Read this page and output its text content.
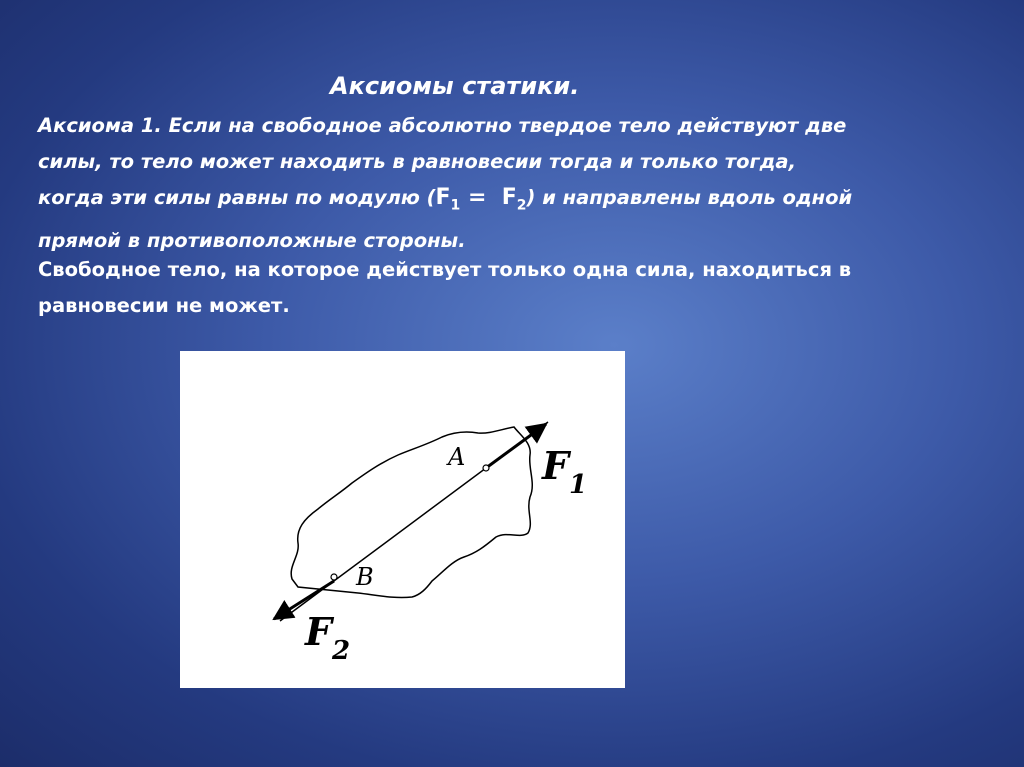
Аксиомы статики.
Аксиома 1. Если на свободное абсолютно твердое тело действуют две
силы, то тело может находить в равновесии тогда и только тогда,
когда эти силы равны по модулю $(F_1 = F_2)$ и направлены вдоль одной
прямой в противоположные стороны.
Свободное тело, на которое действует только одна сила, находиться в
равновесии не может.
A
B
$F_1$
$F_2$
